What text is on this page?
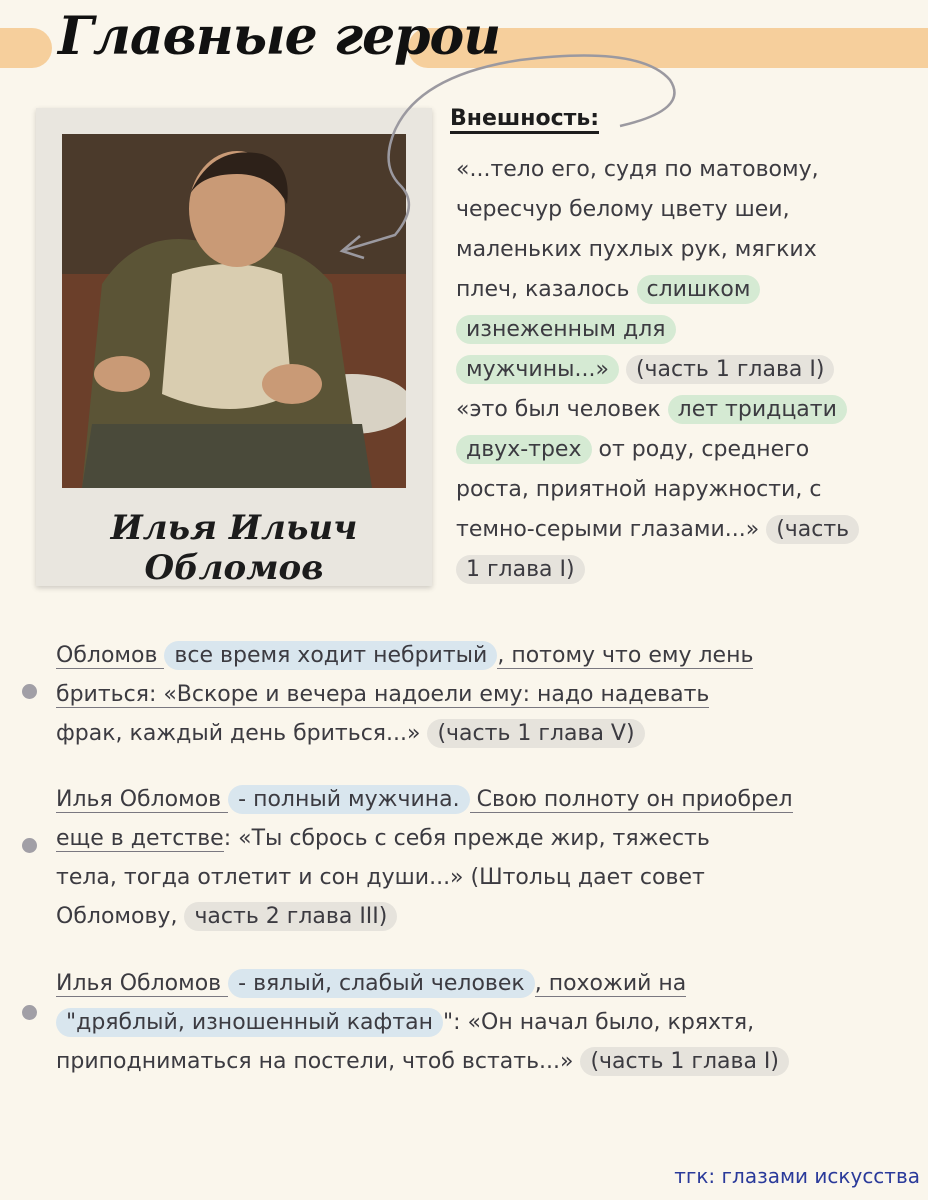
Главные герои
Илья Ильич Обломов
Внешность:
«...тело его, судя по матовому,
чересчур белому цвету шеи,
маленьких пухлых рук, мягких
плеч, казалось слишком
изнеженным для
мужчины...» (часть 1 глава I)
«это был человек лет тридцати
двух-трех от роду, среднего
роста, приятной наружности, с
темно-серыми глазами...» (часть
1 глава I)
Обломов все время ходит небритый , потому что ему лень
бриться: «Вскоре и вечера надоели ему: надо надевать
фрак, каждый день бриться...» (часть 1 глава V)
Илья Обломов - полный мужчина. Свою полноту он приобрел
еще в детстве: «Ты сбрось с себя прежде жир, тяжесть
тела, тогда отлетит и сон души...» (Штольц дает совет
Обломову, часть 2 глава III)
Илья Обломов - вялый, слабый человек , похожий на
"дряблый, изношенный кафтан ": «Он начал было, кряхтя,
приподниматься на постели, чтоб встать...» (часть 1 глава I)
тгк: глазами искусства
